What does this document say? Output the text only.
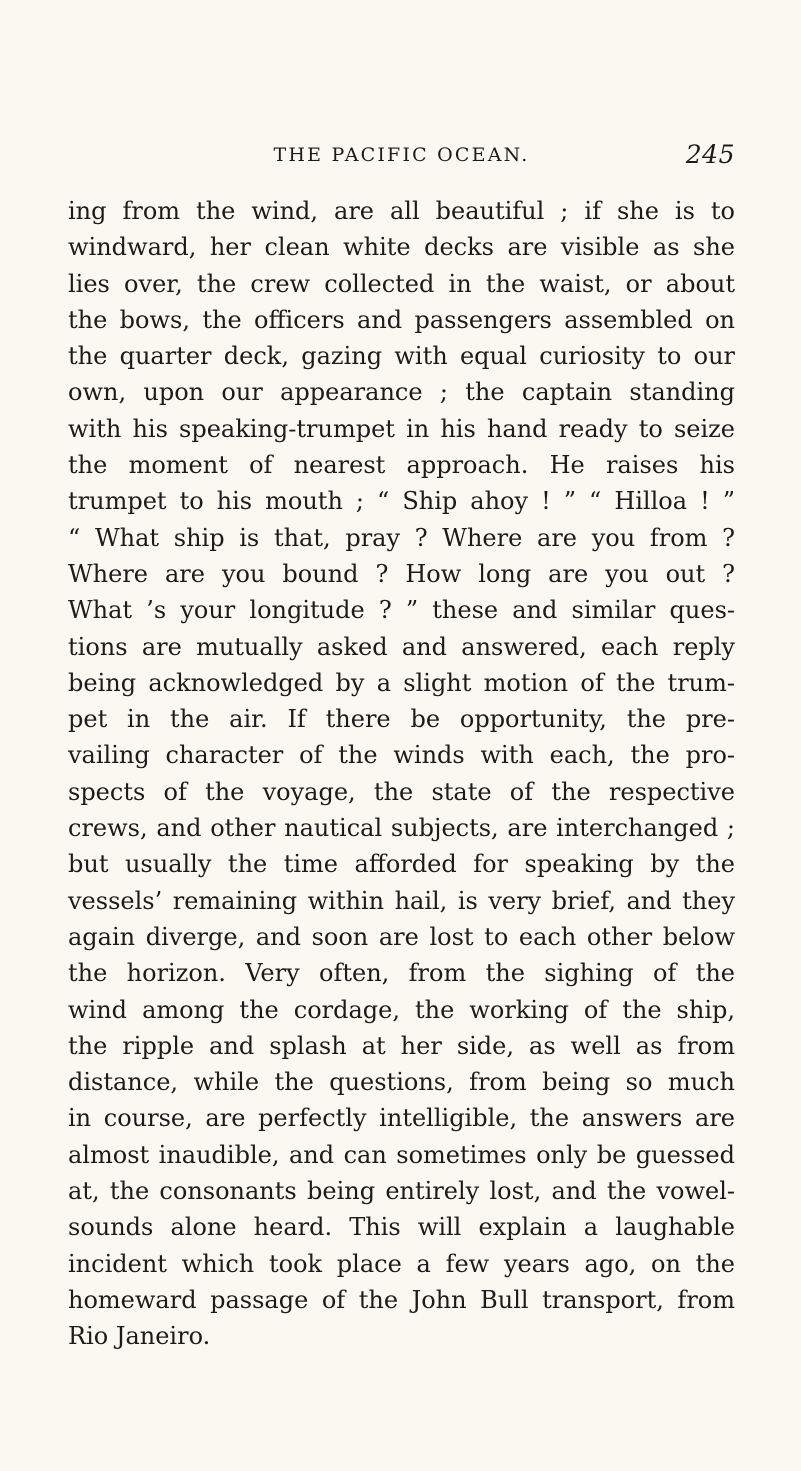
THE PACIFIC OCEAN.	245
ing from the wind, are all beautiful ; if she is to
windward, her clean white decks are visible as she
lies over, the crew collected in the waist, or about
the bows, the officers and passengers assembled on
the quarter deck, gazing with equal curiosity to our
own, upon our appearance ; the captain standing
with his speaking-trumpet in his hand ready to seize
the moment of nearest approach. He raises his
trumpet to his mouth ; “ Ship ahoy ! ” “ Hilloa ! ”
“ What ship is that, pray ? Where are you from ?
Where are you bound ? How long are you out ?
What ’s your longitude ? ” these and similar ques-
tions are mutually asked and answered, each reply
being acknowledged by a slight motion of the trum-
pet in the air. If there be opportunity, the pre-
vailing character of the winds with each, the pro-
spects of the voyage, the state of the respective
crews, and other nautical subjects, are interchanged ;
but usually the time afforded for speaking by the
vessels’ remaining within hail, is very brief, and they
again diverge, and soon are lost to each other below
the horizon. Very often, from the sighing of the
wind among the cordage, the working of the ship,
the ripple and splash at her side, as well as from
distance, while the questions, from being so much
in course, are perfectly intelligible, the answers are
almost inaudible, and can sometimes only be guessed
at, the consonants being entirely lost, and the vowel-
sounds alone heard. This will explain a laughable
incident which took place a few years ago, on the
homeward passage of the John Bull transport, from
Rio Janeiro.
